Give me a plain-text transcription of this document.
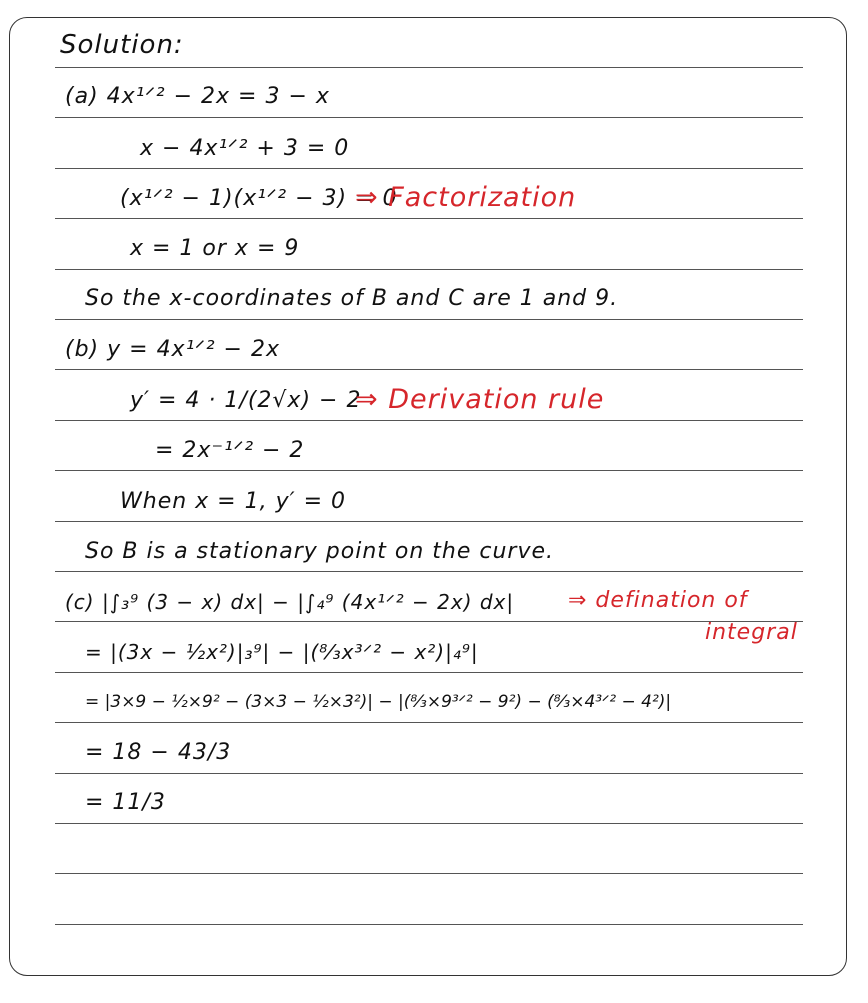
Solution:
(a) 4x¹ᐟ² − 2x = 3 − x
x − 4x¹ᐟ² + 3 = 0
(x¹ᐟ² − 1)(x¹ᐟ² − 3) = 0
⇒ Factorization
x = 1 or x = 9
So the x-coordinates of B and C are 1 and 9.
(b) y = 4x¹ᐟ² − 2x
y′ = 4 · 1/(2√x) − 2
⇒ Derivation rule
= 2x⁻¹ᐟ² − 2
When x = 1, y′ = 0
So B is a stationary point on the curve.
(c) |∫₃⁹ (3 − x) dx| − |∫₄⁹ (4x¹ᐟ² − 2x) dx| ⇒ defination of
integral
= |(3x − ½x²)|₃⁹| − |(⁸⁄₃x³ᐟ² − x²)|₄⁹|
= |3×9 − ½×9² − (3×3 − ½×3²)| − |(⁸⁄₃×9³ᐟ² − 9²) − (⁸⁄₃×4³ᐟ² − 4²)|
= 18 − 43/3
= 11/3
